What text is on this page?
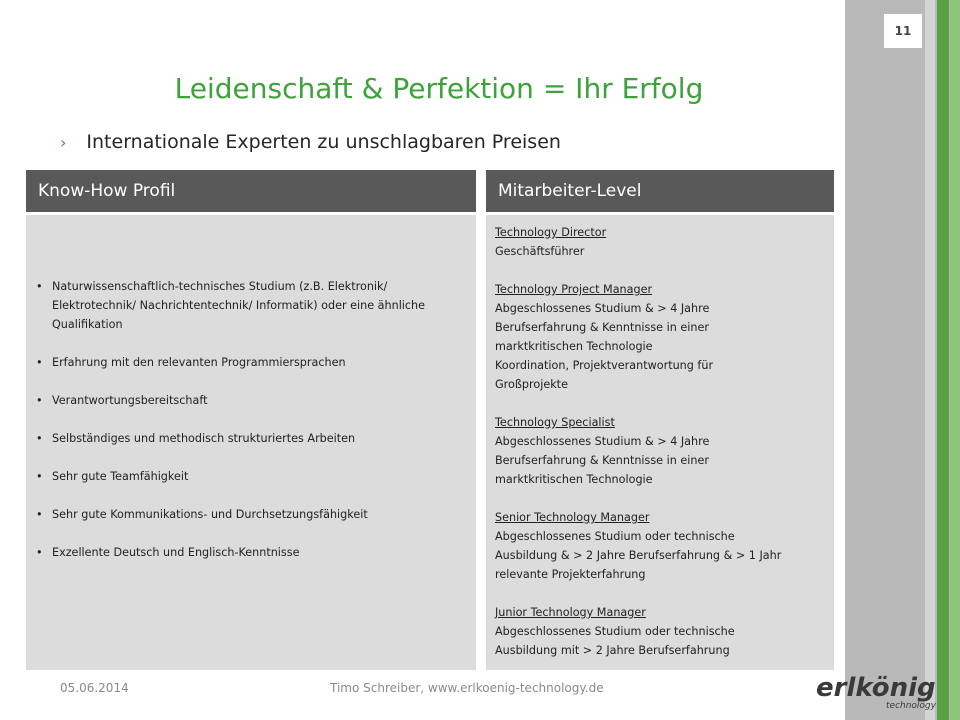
11
Leidenschaft & Perfektion = Ihr Erfolg
› Internationale Experten zu unschlagbaren Preisen
Know-How Profil
• Naturwissenschaftlich-technisches Studium (z.B. Elektronik/ Elektrotechnik/ Nachrichtentechnik/ Informatik) oder eine ähnliche Qualifikation
• Erfahrung mit den relevanten Programmiersprachen
• Verantwortungsbereitschaft
• Selbständiges und methodisch strukturiertes Arbeiten
• Sehr gute Teamfähigkeit
• Sehr gute Kommunikations- und Durchsetzungsfähigkeit
• Exzellente Deutsch und Englisch-Kenntnisse
Mitarbeiter-Level
Technology Director
Geschäftsführer
Technology Project Manager
Abgeschlossenes Studium & > 4 Jahre
Berufserfahrung & Kenntnisse in einer
marktkritischen Technologie
Koordination, Projektverantwortung für
Großprojekte
Technology Specialist
Abgeschlossenes Studium & > 4 Jahre
Berufserfahrung & Kenntnisse in einer
marktkritischen Technologie
Senior Technology Manager
Abgeschlossenes Studium oder technische
Ausbildung & > 2 Jahre Berufserfahrung & > 1 Jahr
relevante Projekterfahrung
Junior Technology Manager
Abgeschlossenes Studium oder technische
Ausbildung mit > 2 Jahre Berufserfahrung
05.06.2014	Timo Schreiber, www.erlkoenig-technology.de	erlkönig
technology
